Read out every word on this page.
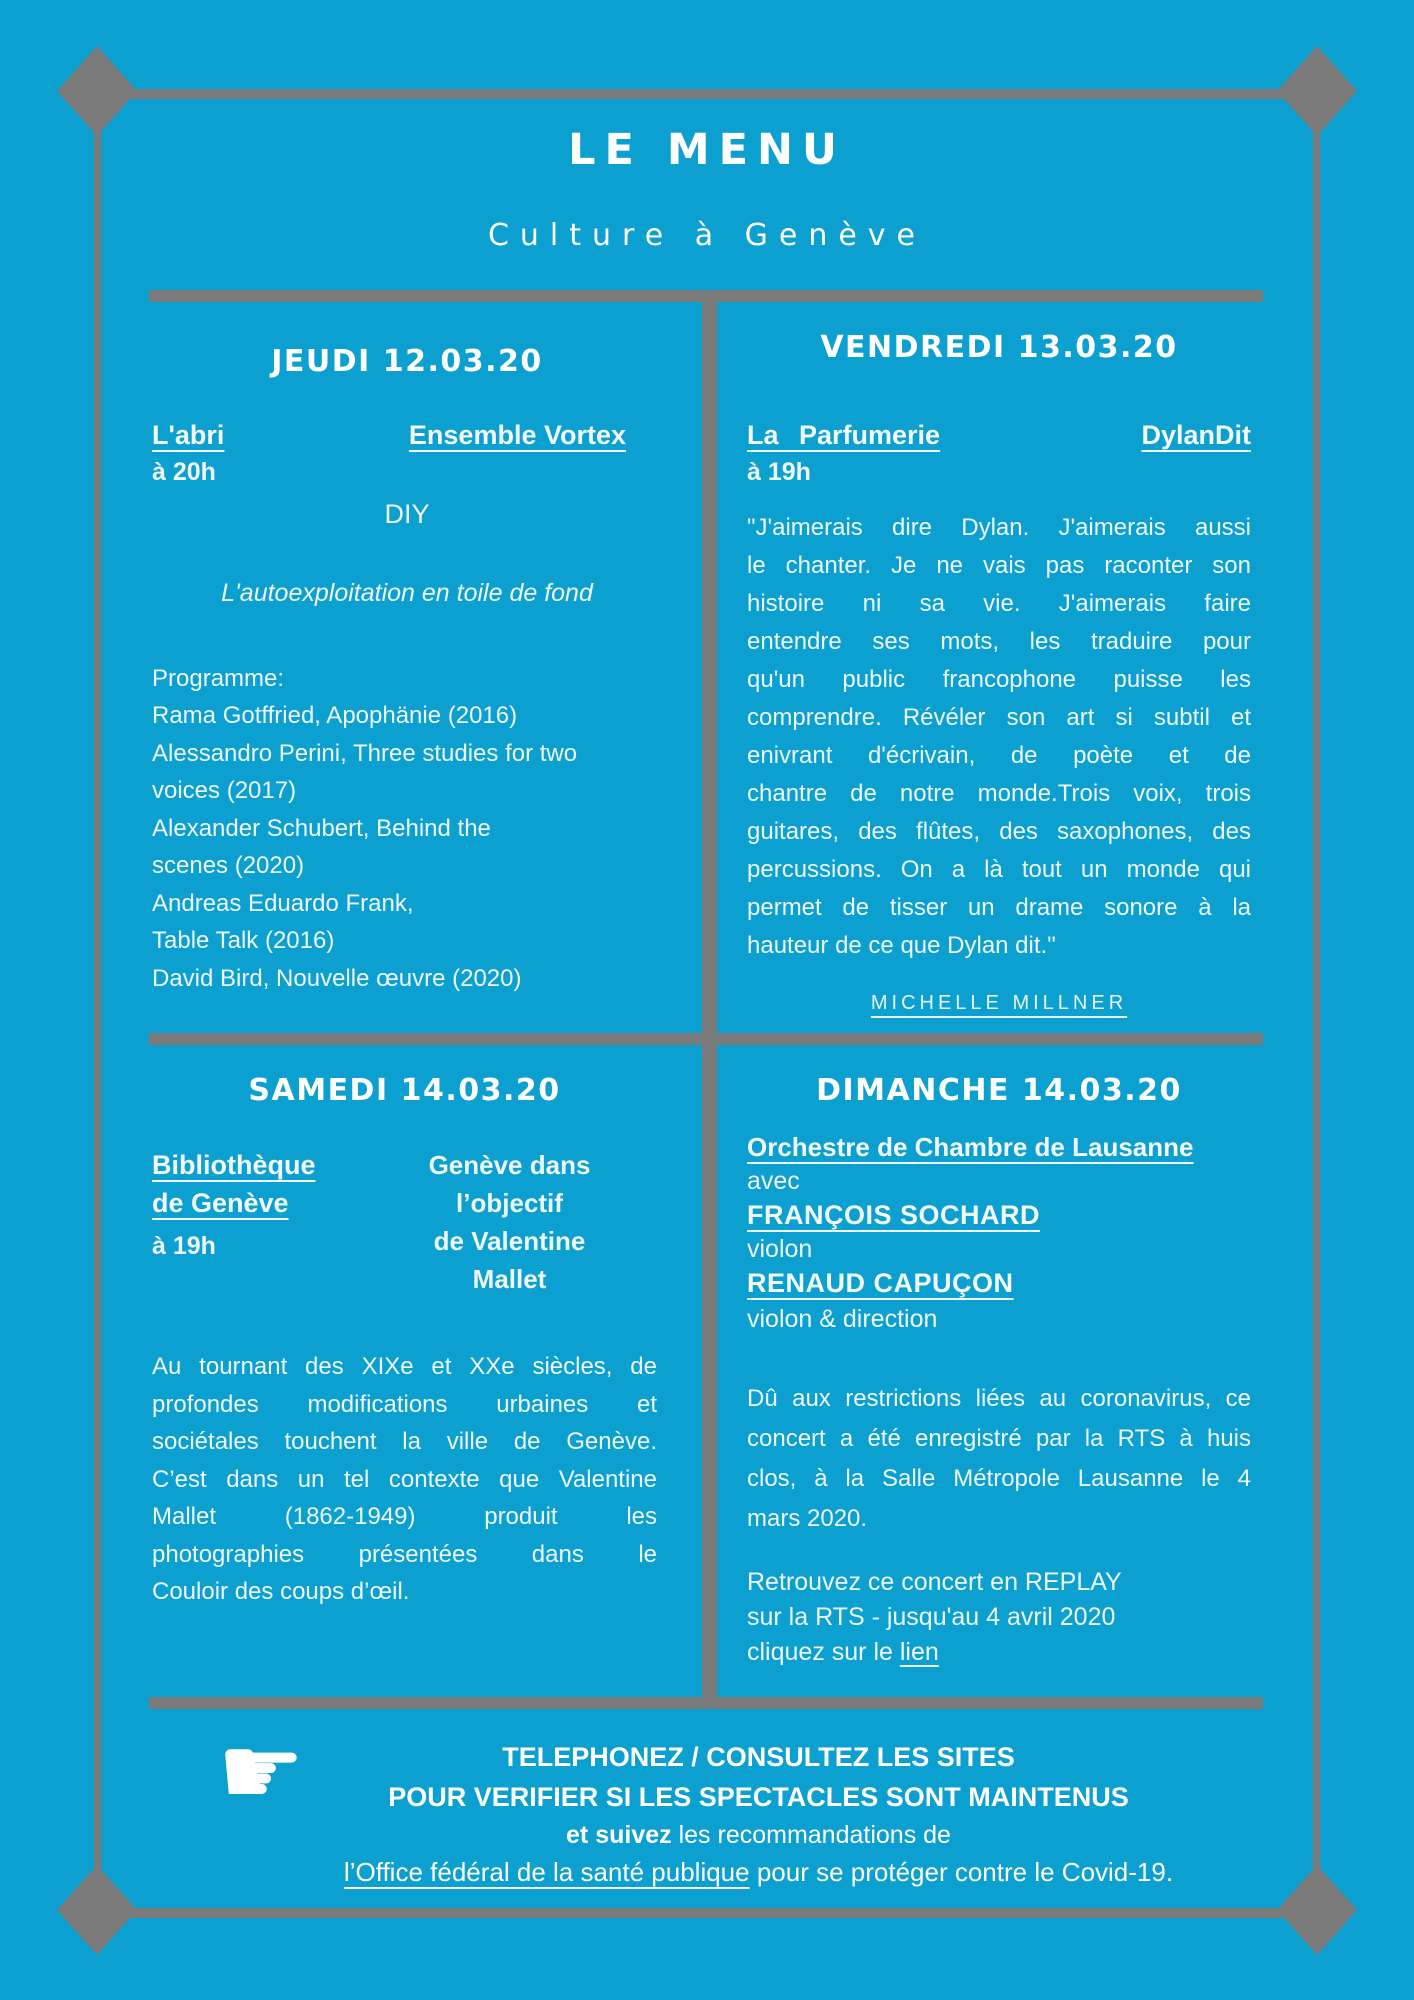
LE MENU
Culture à Genève
JEUDI 12.03.20
L'abri	Ensemble Vortex
à 20h
DIY
L'autoexploitation en toile de fond
Programme:
Rama Gotffried, Apophänie (2016)
Alessandro Perini, Three studies for two
voices (2017)
Alexander Schubert, Behind the
scenes (2020)
Andreas Eduardo Frank,
Table Talk (2016)
David Bird, Nouvelle œuvre (2020)
VENDREDI 13.03.20
La Parfumerie	DylanDit
à 19h
"J'aimerais dire Dylan. J'aimerais aussi
le chanter. Je ne vais pas raconter son
histoire ni sa vie. J'aimerais faire
entendre ses mots, les traduire pour
qu'un public francophone puisse les
comprendre. Révéler son art si subtil et
enivrant d'écrivain, de poète et de
chantre de notre monde.Trois voix, trois
guitares, des flûtes, des saxophones, des
percussions. On a là tout un monde qui
permet de tisser un drame sonore à la
hauteur de ce que Dylan dit."
MICHELLE MILLNER
SAMEDI 14.03.20
Bibliothèque
de Genève
à 19h
Genève dans l’objectif
de Valentine Mallet
Au tournant des XIXe et XXe siècles, de
profondes modifications urbaines et
sociétales touchent la ville de Genève.
C’est dans un tel contexte que Valentine
Mallet (1862-1949) produit les
photographies présentées dans le
Couloir des coups d’œil.
DIMANCHE 14.03.20
Orchestre de Chambre de Lausanne
avec
FRANÇOIS SOCHARD
violon
RENAUD CAPUÇON
violon & direction
Dû aux restrictions liées au coronavirus, ce
concert a été enregistré par la RTS à huis
clos, à la Salle Métropole Lausanne le 4
mars 2020.
Retrouvez ce concert en REPLAY
sur la RTS - jusqu'au 4 avril 2020
cliquez sur le lien
☛	TELEPHONEZ / CONSULTEZ LES SITES
POUR VERIFIER SI LES SPECTACLES SONT MAINTENUS
et suivez les recommandations de
l’Office fédéral de la santé publique pour se protéger contre le Covid-19.
